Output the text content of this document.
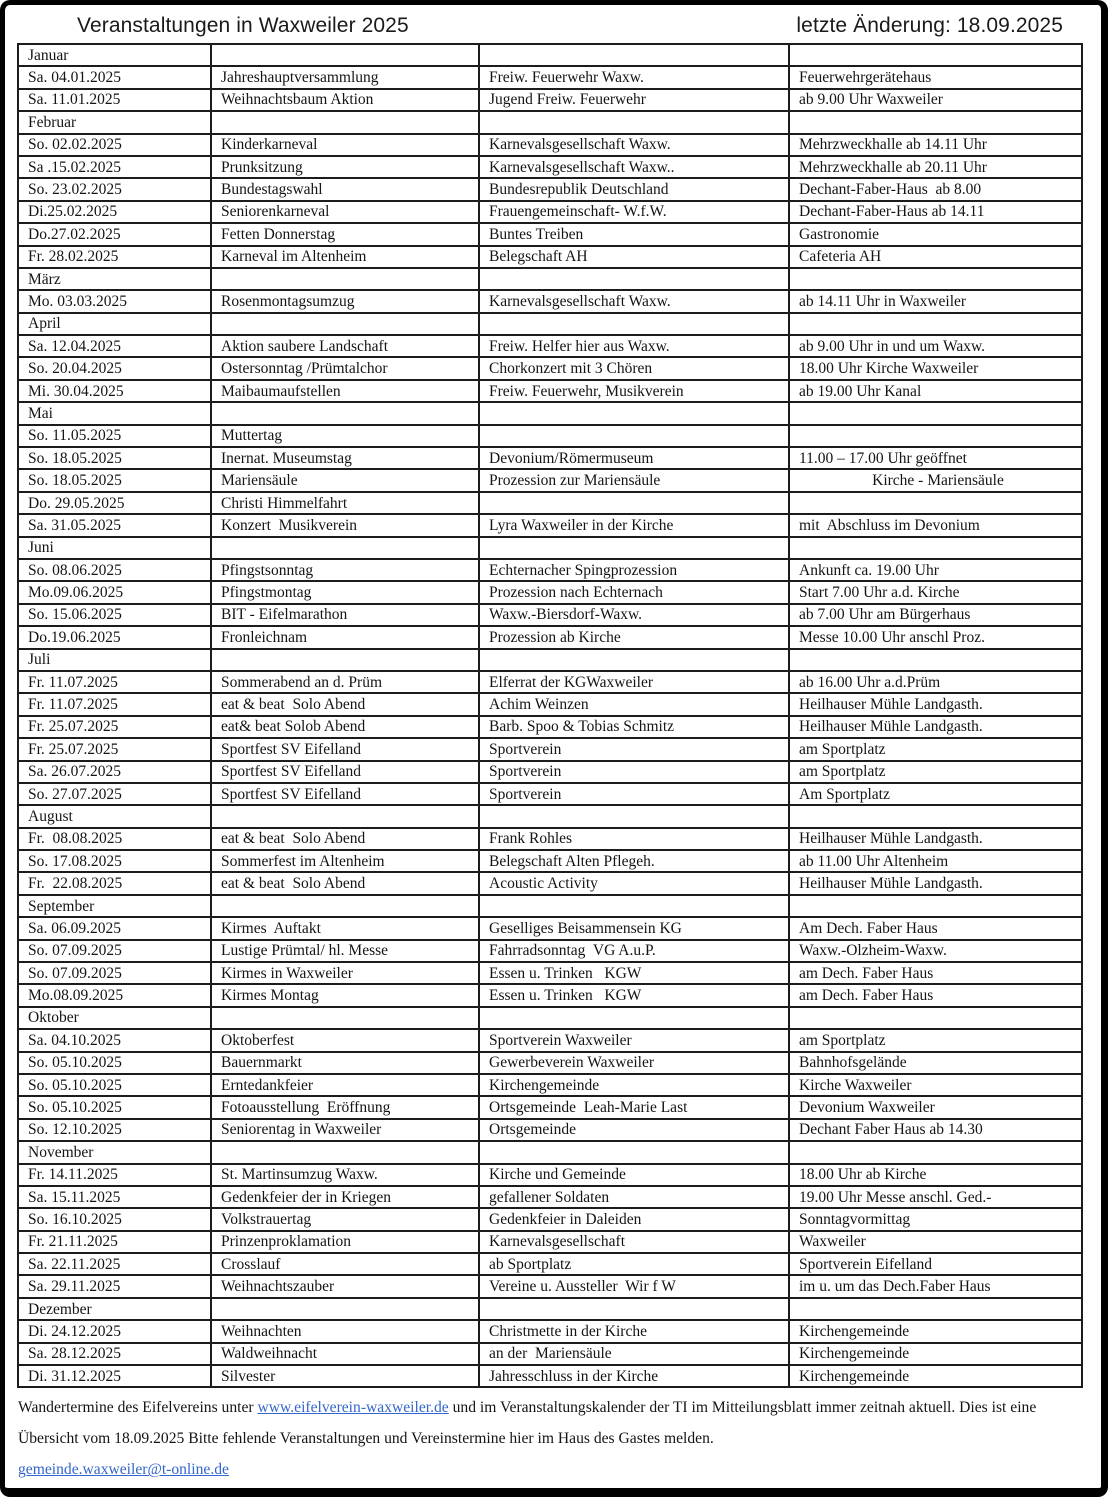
Veranstaltungen in Waxweiler 2025	letzte Änderung: 18.09.2025
Januar			
Sa. 04.01.2025	Jahreshauptversammlung	Freiw. Feuerwehr Waxw.	Feuerwehrgerätehaus
Sa. 11.01.2025	Weihnachtsbaum Aktion	Jugend Freiw. Feuerwehr	ab 9.00 Uhr Waxweiler
Februar			
So. 02.02.2025	Kinderkarneval	Karnevalsgesellschaft Waxw.	Mehrzweckhalle ab 14.11 Uhr
Sa .15.02.2025	Prunksitzung	Karnevalsgesellschaft Waxw..	Mehrzweckhalle ab 20.11 Uhr
So. 23.02.2025	Bundestagswahl	Bundesrepublik Deutschland	Dechant-Faber-Haus  ab 8.00
Di.25.02.2025	Seniorenkarneval	Frauengemeinschaft- W.f.W.	Dechant-Faber-Haus ab 14.11
Do.27.02.2025	Fetten Donnerstag	Buntes Treiben	Gastronomie
Fr. 28.02.2025	Karneval im Altenheim	Belegschaft AH	Cafeteria AH
März			
Mo. 03.03.2025	Rosenmontagsumzug	Karnevalsgesellschaft Waxw.	ab 14.11 Uhr in Waxweiler
April			
Sa. 12.04.2025	Aktion saubere Landschaft	Freiw. Helfer hier aus Waxw.	ab 9.00 Uhr in und um Waxw.
So. 20.04.2025	Ostersonntag /Prümtalchor	Chorkonzert mit 3 Chören	18.00 Uhr Kirche Waxweiler
Mi. 30.04.2025	Maibaumaufstellen	Freiw. Feuerwehr, Musikverein	ab 19.00 Uhr Kanal
Mai			
So. 11.05.2025	Muttertag		
So. 18.05.2025	Inernat. Museumstag	Devonium/Römermuseum	11.00 – 17.00 Uhr geöffnet
So. 18.05.2025	Mariensäule	Prozession zur Mariensäule	Kirche - Mariensäule
Do. 29.05.2025	Christi Himmelfahrt		
Sa. 31.05.2025	Konzert  Musikverein	Lyra Waxweiler in der Kirche	mit  Abschluss im Devonium
Juni			
So. 08.06.2025	Pfingstsonntag	Echternacher Spingprozession	Ankunft ca. 19.00 Uhr
Mo.09.06.2025	Pfingstmontag	Prozession nach Echternach	Start 7.00 Uhr a.d. Kirche
So. 15.06.2025	BIT - Eifelmarathon	Waxw.-Biersdorf-Waxw.	ab 7.00 Uhr am Bürgerhaus
Do.19.06.2025	Fronleichnam	Prozession ab Kirche	Messe 10.00 Uhr anschl Proz.
Juli			
Fr. 11.07.2025	Sommerabend an d. Prüm	Elferrat der KGWaxweiler	ab 16.00 Uhr a.d.Prüm
Fr. 11.07.2025	eat & beat  Solo Abend	Achim Weinzen	Heilhauser Mühle Landgasth.
Fr. 25.07.2025	eat& beat Solob Abend	Barb. Spoo & Tobias Schmitz	Heilhauser Mühle Landgasth.
Fr. 25.07.2025	Sportfest SV Eifelland	Sportverein	am Sportplatz
Sa. 26.07.2025	Sportfest SV Eifelland	Sportverein	am Sportplatz
So. 27.07.2025	Sportfest SV Eifelland	Sportverein	Am Sportplatz
August			
Fr.  08.08.2025	eat & beat  Solo Abend	Frank Rohles	Heilhauser Mühle Landgasth.
So. 17.08.2025	Sommerfest im Altenheim	Belegschaft Alten Pflegeh.	ab 11.00 Uhr Altenheim
Fr.  22.08.2025	eat & beat  Solo Abend	Acoustic Activity	Heilhauser Mühle Landgasth.
September			
Sa. 06.09.2025	Kirmes  Auftakt	Geselliges Beisammensein KG	Am Dech. Faber Haus
So. 07.09.2025	Lustige Prümtal/ hl. Messe	Fahrradsonntag  VG A.u.P.	Waxw.-Olzheim-Waxw.
So. 07.09.2025	Kirmes in Waxweiler	Essen u. Trinken   KGW	am Dech. Faber Haus
Mo.08.09.2025	Kirmes Montag	Essen u. Trinken   KGW	am Dech. Faber Haus
Oktober			
Sa. 04.10.2025	Oktoberfest	Sportverein Waxweiler	am Sportplatz
So. 05.10.2025	Bauernmarkt	Gewerbeverein Waxweiler	Bahnhofsgelände
So. 05.10.2025	Erntedankfeier	Kirchengemeinde	Kirche Waxweiler
So. 05.10.2025	Fotoausstellung  Eröffnung	Ortsgemeinde  Leah-Marie Last	Devonium Waxweiler
So. 12.10.2025	Seniorentag in Waxweiler	Ortsgemeinde	Dechant Faber Haus ab 14.30
November			
Fr. 14.11.2025	St. Martinsumzug Waxw.	Kirche und Gemeinde	18.00 Uhr ab Kirche
Sa. 15.11.2025	Gedenkfeier der in Kriegen	gefallener Soldaten	19.00 Uhr Messe anschl. Ged.-
So. 16.10.2025	Volkstrauertag	Gedenkfeier in Daleiden	Sonntagvormittag
Fr. 21.11.2025	Prinzenproklamation	Karnevalsgesellschaft	Waxweiler
Sa. 22.11.2025	Crosslauf	ab Sportplatz	Sportverein Eifelland
Sa. 29.11.2025	Weihnachtszauber	Vereine u. Aussteller  Wir f W	im u. um das Dech.Faber Haus
Dezember			
Di. 24.12.2025	Weihnachten	Christmette in der Kirche	Kirchengemeinde
Sa. 28.12.2025	Waldweihnacht	an der  Mariensäule	Kirchengemeinde
Di. 31.12.2025	Silvester	Jahresschluss in der Kirche	Kirchengemeinde
Wandertermine des Eifelvereins unter www.eifelverein-waxweiler.de und im Veranstaltungskalender der TI im Mitteilungsblatt immer zeitnah aktuell. Dies ist eine Übersicht vom 18.09.2025 Bitte fehlende Veranstaltungen und Vereinstermine hier im Haus des Gastes melden.
gemeinde.waxweiler@t-online.de
